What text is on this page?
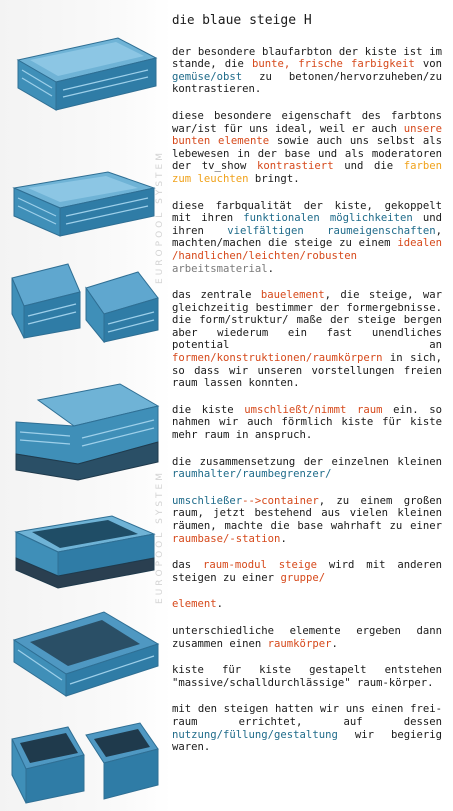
EUROPOOL SYSTEM
EUROPOOL SYSTEM
die blaue steige H

der besondere blaufarbton der kiste ist im stande, die bunte, frische farbigkeit von gemüse/obst zu betonen/hervorzuheben/zu kontrastieren.

diese besondere eigenschaft des farbtons war/ist für uns ideal, weil er auch unsere bunten elemente sowie auch uns selbst als lebewesen in der base und als moderatoren der tv_show kontrastiert und die farben zum leuchten bringt.

diese farbqualität der kiste, gekoppelt mit ihren funktionalen möglichkeiten und ihren vielfältigen raumeigenschaften, machten/machen die steige zu einem idealen /handlichen/leichten/robusten arbeitsmaterial.

das zentrale bauelement, die steige, war gleichzeitig bestimmer der formergebnisse. die form/struktur/ maße der steige bergen aber wiederum ein fast unendliches potential an formen/konstruktionen/raumkörpern in sich, so dass wir unseren vorstellungen freien raum lassen konnten.

die kiste umschließt/nimmt raum ein. so nahmen wir auch förmlich kiste für kiste mehr raum in anspruch.

die zusammensetzung der einzelnen kleinen raumhalter/raumbegrenzer/

umschließer-->container, zu einem großen raum, jetzt bestehend aus vielen kleinen räumen, machte die base wahrhaft zu einer raumbase/-station.

das raum-modul steige wird mit anderen steigen zu einer gruppe/

element.

unterschiedliche elemente ergeben dann zusammen einen raumkörper.

kiste für kiste gestapelt entstehen "massive/schalldurchlässige" raum-körper.

mit den steigen hatten wir uns einen frei-raum errichtet, auf dessen nutzung/füllung/gestaltung wir begierig waren.
